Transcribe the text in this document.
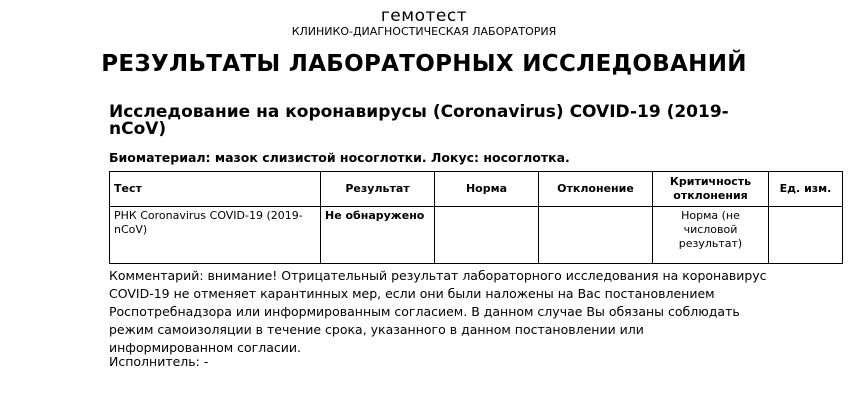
гемотест
КЛИНИКО-ДИАГНОСТИЧЕСКАЯ ЛАБОРАТОРИЯ
РЕЗУЛЬТАТЫ ЛАБОРАТОРНЫХ ИССЛЕДОВАНИЙ
Исследование на коронавирусы (Coronavirus) COVID-19 (2019-nCoV)
Биоматериал: мазок слизистой носоглотки. Локус: носоглотка.
Тест	Результат	Норма	Отклонение	Критичность отклонения	Ед. изм.
РНК Coronavirus COVID-19 (2019-nCoV)	Не обнаружено			Норма (не числовой результат)	
Комментарий: внимание! Отрицательный результат лабораторного исследования на коронавирус COVID-19 не отменяет карантинных мер, если они были наложены на Вас постановлением Роспотребнадзора или информированным согласием. В данном случае Вы обязаны соблюдать режим самоизоляции в течение срока, указанного в данном постановлении или информированном согласии.
Исполнитель: -
